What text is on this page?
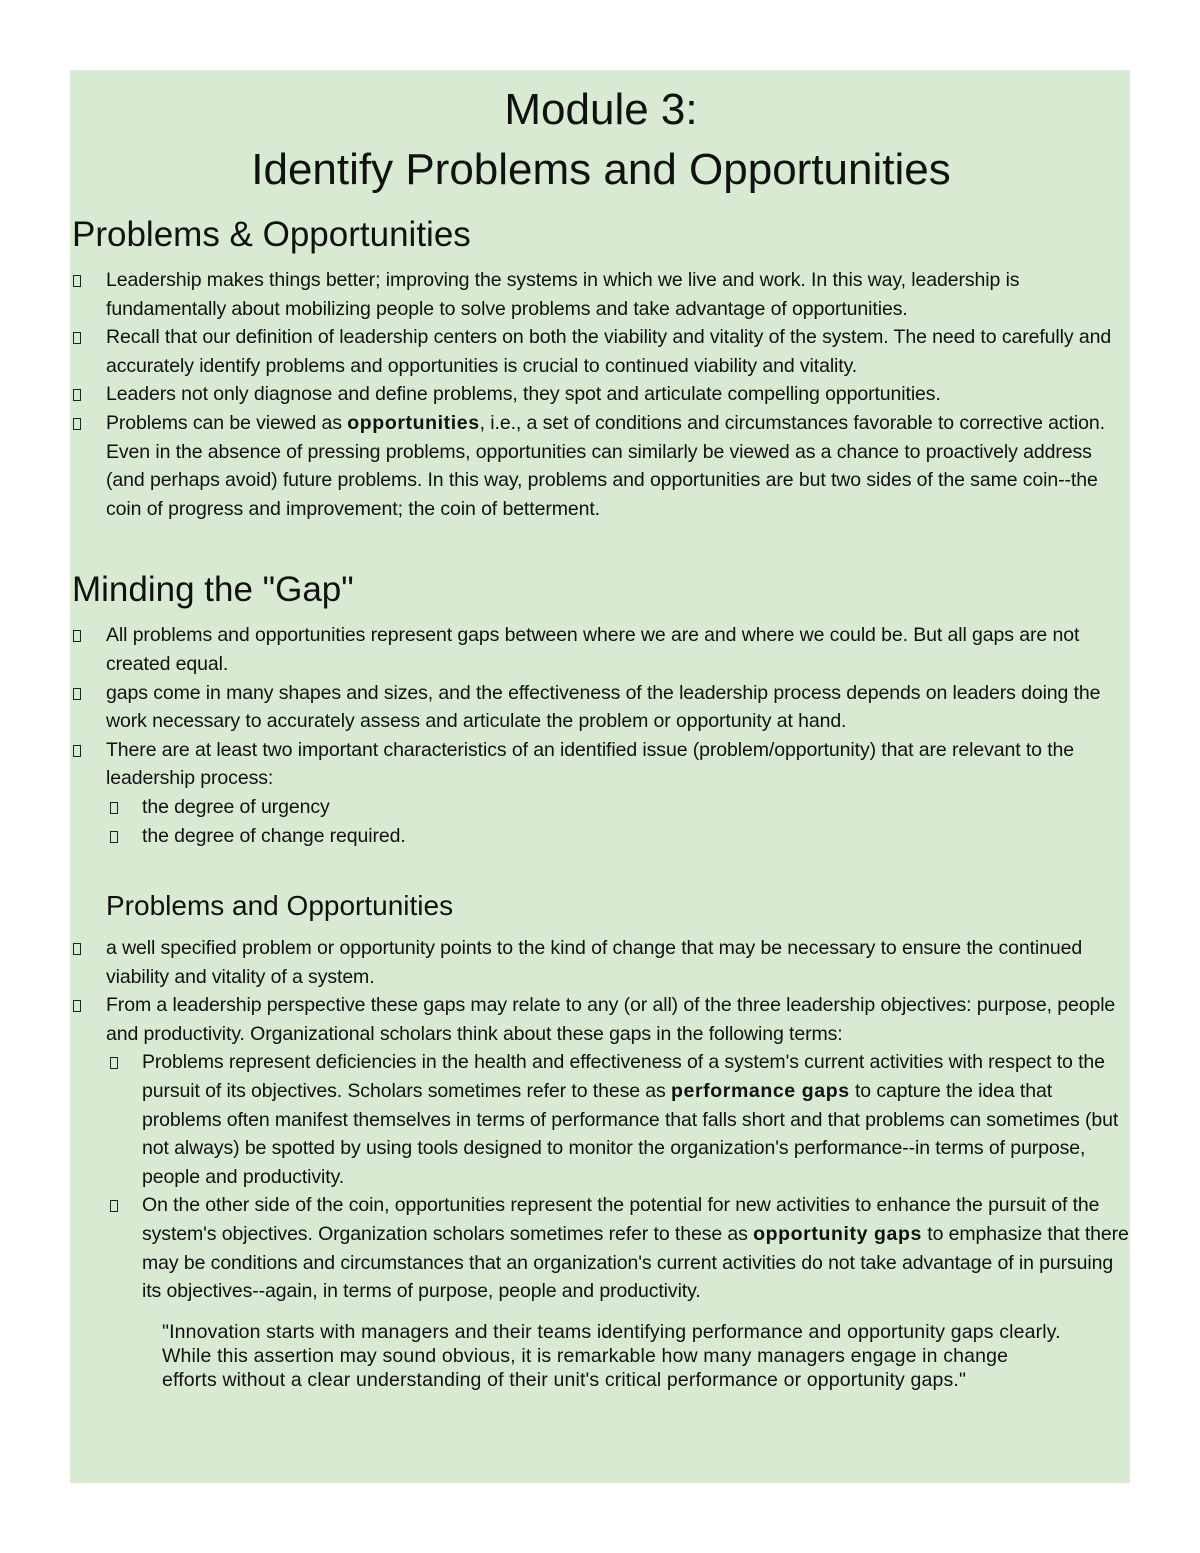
Module 3:
Identify Problems and Opportunities
Problems & Opportunities
Leadership makes things better; improving the systems in which we live and work. In this way, leadership is fundamentally about mobilizing people to solve problems and take advantage of opportunities.
Recall that our definition of leadership centers on both the viability and vitality of the system. The need to carefully and accurately identify problems and opportunities is crucial to continued viability and vitality.
Leaders not only diagnose and define problems, they spot and articulate compelling opportunities.
Problems can be viewed as opportunities, i.e., a set of conditions and circumstances favorable to corrective action. Even in the absence of pressing problems, opportunities can similarly be viewed as a chance to proactively address (and perhaps avoid) future problems. In this way, problems and opportunities are but two sides of the same coin--the coin of progress and improvement; the coin of betterment.
Minding the "Gap"
All problems and opportunities represent gaps between where we are and where we could be. But all gaps are not created equal.
gaps come in many shapes and sizes, and the effectiveness of the leadership process depends on leaders doing the work necessary to accurately assess and articulate the problem or opportunity at hand.
There are at least two important characteristics of an identified issue (problem/opportunity) that are relevant to the leadership process:
the degree of urgency
the degree of change required.
Problems and Opportunities
a well specified problem or opportunity points to the kind of change that may be necessary to ensure the continued viability and vitality of a system.
From a leadership perspective these gaps may relate to any (or all) of the three leadership objectives: purpose, people and productivity. Organizational scholars think about these gaps in the following terms:
Problems represent deficiencies in the health and effectiveness of a system's current activities with respect to the pursuit of its objectives. Scholars sometimes refer to these as performance gaps to capture the idea that problems often manifest themselves in terms of performance that falls short and that problems can sometimes (but not always) be spotted by using tools designed to monitor the organization's performance--in terms of purpose, people and productivity.
On the other side of the coin, opportunities represent the potential for new activities to enhance the pursuit of the system's objectives. Organization scholars sometimes refer to these as opportunity gaps to emphasize that there may be conditions and circumstances that an organization's current activities do not take advantage of in pursuing its objectives--again, in terms of purpose, people and productivity.

"Innovation starts with managers and their teams identifying performance and opportunity gaps clearly. While this assertion may sound obvious, it is remarkable how many managers engage in change efforts without a clear understanding of their unit's critical performance or opportunity gaps."
